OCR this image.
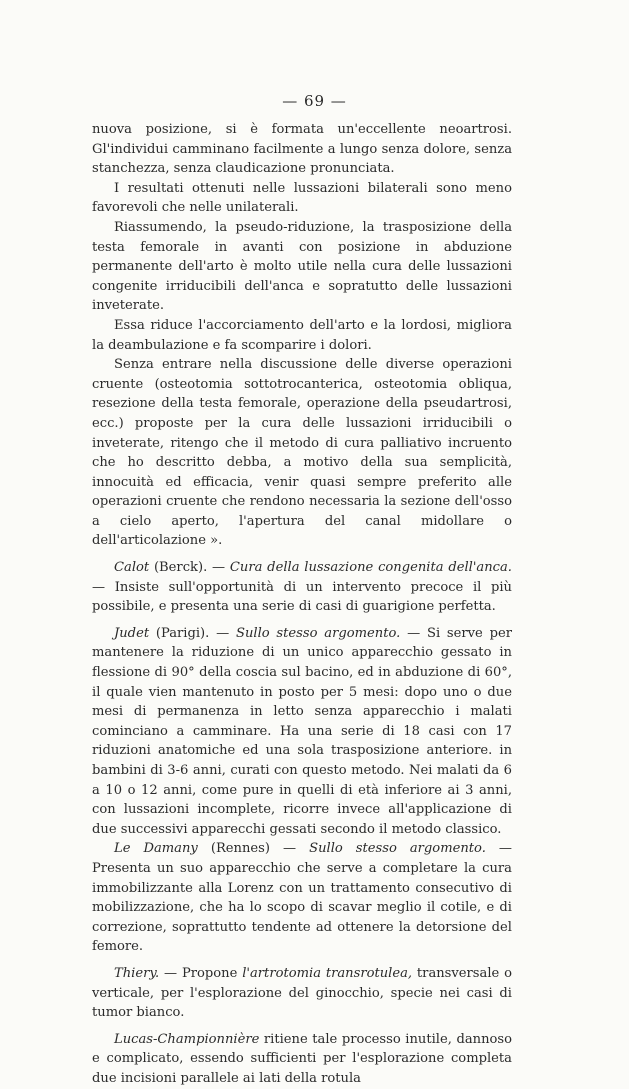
— 69 —

nuova posizione, si è formata un'eccellente neoartrosi. Gl'individui camminano facilmente a lungo senza dolore, senza stanchezza, senza claudicazione pronunciata.

I resultati ottenuti nelle lussazioni bilaterali sono meno favorevoli che nelle unilaterali.

Riassumendo, la pseudo-riduzione, la trasposizione della testa femorale in avanti con posizione in abduzione permanente dell'arto è molto utile nella cura delle lussazioni congenite irriducibili dell'anca e sopratutto delle lussazioni inveterate.

Essa riduce l'accorciamento dell'arto e la lordosi, migliora la deambulazione e fa scomparire i dolori.

Senza entrare nella discussione delle diverse operazioni cruente (osteotomia sottotrocanterica, osteotomia obliqua, resezione della testa femorale, operazione della pseudartrosi, ecc.) proposte per la cura delle lussazioni irriducibili o inveterate, ritengo che il metodo di cura palliativo incruento che ho descritto debba, a motivo della sua semplicità, innocuità ed efficacia, venir quasi sempre preferito alle operazioni cruente che rendono necessaria la sezione dell'osso a cielo aperto, l'apertura del canal midollare o dell'articolazione ».

Calot (Berck). — Cura della lussazione congenita dell'anca. — Insiste sull'opportunità di un intervento precoce il più possibile, e presenta una serie di casi di guarigione perfetta.

Judet (Parigi). — Sullo stesso argomento. — Si serve per mantenere la riduzione di un unico apparecchio gessato in flessione di 90° della coscia sul bacino, ed in abduzione di 60°, il quale vien mantenuto in posto per 5 mesi: dopo uno o due mesi di permanenza in letto senza apparecchio i malati cominciano a camminare. Ha una serie di 18 casi con 17 riduzioni anatomiche ed una sola trasposizione anteriore. in bambini di 3-6 anni, curati con questo metodo. Nei malati da 6 a 10 o 12 anni, come pure in quelli di età inferiore ai 3 anni, con lussazioni incomplete, ricorre invece all'applicazione di due successivi apparecchi gessati secondo il metodo classico.

Le Damany (Rennes) — Sullo stesso argomento. — Presenta un suo apparecchio che serve a completare la cura immobilizzante alla Lorenz con un trattamento consecutivo di mobilizzazione, che ha lo scopo di scavar meglio il cotile, e di correzione, soprattutto tendente ad ottenere la detorsione del femore.

Thiery. — Propone l'artrotomia transrotulea, transversale o verticale, per l'esplorazione del ginocchio, specie nei casi di tumor bianco.

Lucas-Championnière ritiene tale processo inutile, dannoso e complicato, essendo sufficienti per l'esplorazione completa due incisioni parallele ai lati della rotula
